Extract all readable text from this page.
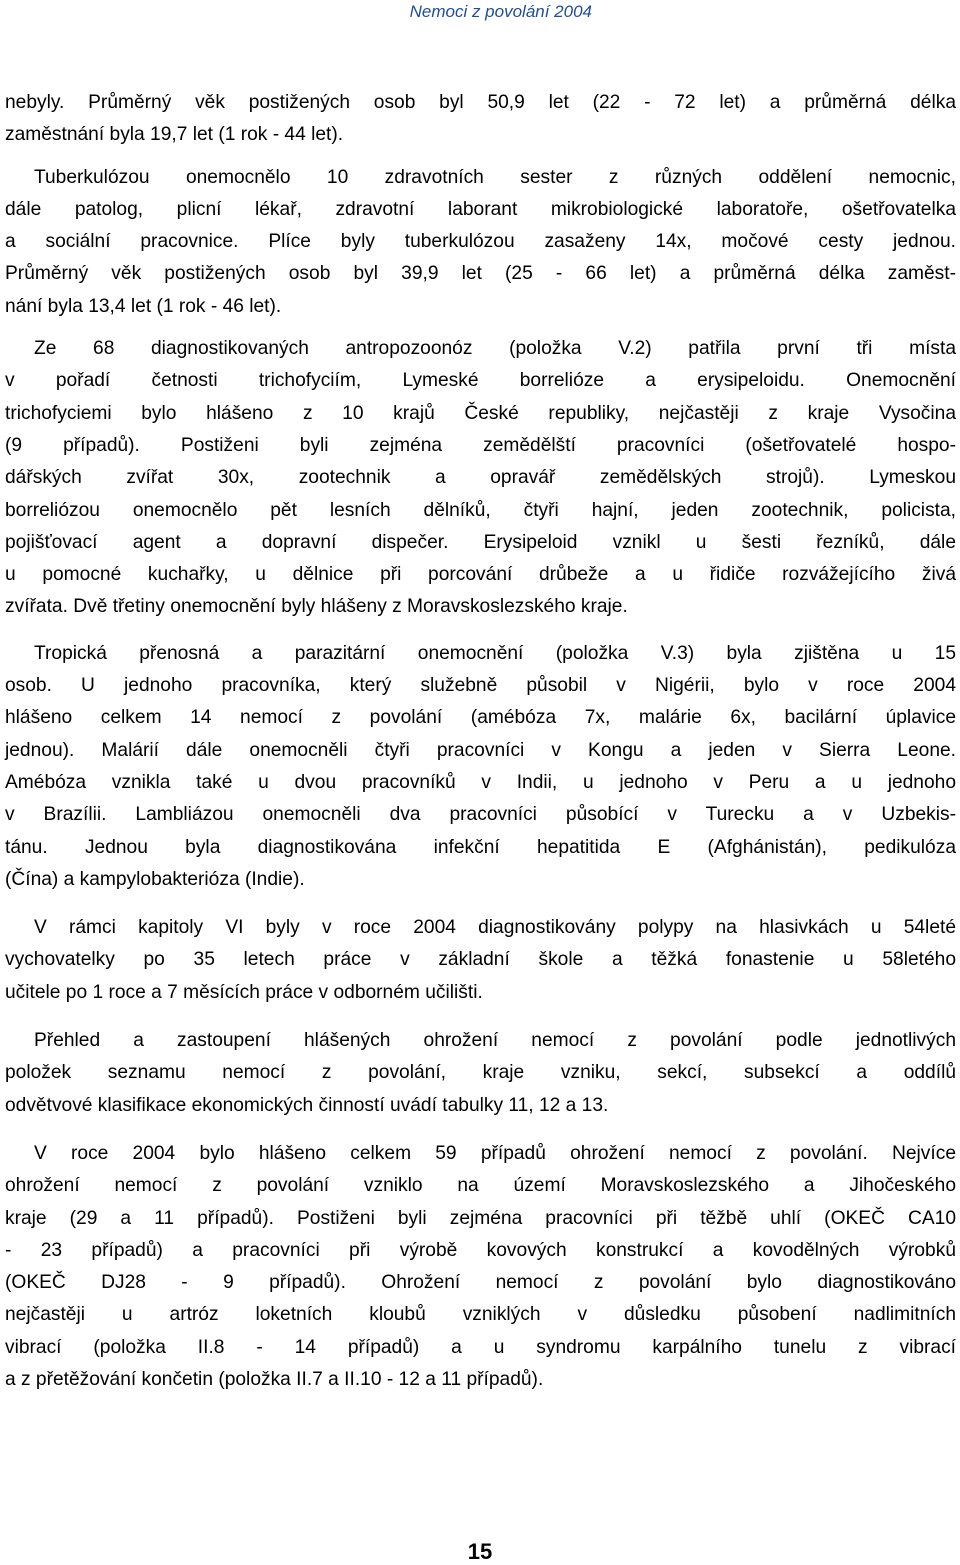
Nemoci z povolání 2004

nebyly. Průměrný věk postižených osob byl 50,9 let (22 - 72 let) a průměrná délka
zaměstnání byla 19,7 let (1 rok - 44 let).

Tuberkulózou onemocnělo 10 zdravotních sester z různých oddělení nemocnic,
dále patolog, plicní lékař, zdravotní laborant mikrobiologické laboratoře, ošetřovatelka
a sociální pracovnice. Plíce byly tuberkulózou zasaženy 14x, močové cesty jednou.
Průměrný věk postižených osob byl 39,9 let (25 - 66 let) a průměrná délka zaměst-
nání byla 13,4 let (1 rok - 46 let).

Ze 68 diagnostikovaných antropozoonóz (položka V.2) patřila první tři místa
v pořadí četnosti trichofyciím, Lymeské borrelióze a erysipeloidu. Onemocnění
trichofyciemi bylo hlášeno z 10 krajů České republiky, nejčastěji z kraje Vysočina
(9 případů). Postiženi byli zejména zemědělští pracovníci (ošetřovatelé hospo-
dářských zvířat 30x, zootechnik a opravář zemědělských strojů). Lymeskou
borreliózou onemocnělo pět lesních dělníků, čtyři hajní, jeden zootechnik, policista,
pojišťovací agent a dopravní dispečer. Erysipeloid vznikl u šesti řezníků, dále
u pomocné kuchařky, u dělnice při porcování drůbeže a u řidiče rozvážejícího živá
zvířata. Dvě třetiny onemocnění byly hlášeny z Moravskoslezského kraje.

Tropická přenosná a parazitární onemocnění (položka V.3) byla zjištěna u 15
osob. U jednoho pracovníka, který služebně působil v Nigérii, bylo v roce 2004
hlášeno celkem 14 nemocí z povolání (amébóza 7x, malárie 6x, bacilární úplavice
jednou). Malárií dále onemocněli čtyři pracovníci v Kongu a jeden v Sierra Leone.
Amébóza vznikla také u dvou pracovníků v Indii, u jednoho v Peru a u jednoho
v Brazílii. Lambliázou onemocněli dva pracovníci působící v Turecku a v Uzbekis-
tánu. Jednou byla diagnostikována infekční hepatitida E (Afghánistán), pedikulóza
(Čína) a kampylobakterióza (Indie).

V rámci kapitoly VI byly v roce 2004 diagnostikovány polypy na hlasivkách u 54leté
vychovatelky po 35 letech práce v základní škole a těžká fonastenie u 58letého
učitele po 1 roce a 7 měsících práce v odborném učilišti.

Přehled a zastoupení hlášených ohrožení nemocí z povolání podle jednotlivých
položek seznamu nemocí z povolání, kraje vzniku, sekcí, subsekcí a oddílů
odvětvové klasifikace ekonomických činností uvádí tabulky 11, 12 a 13.

V roce 2004 bylo hlášeno celkem 59 případů ohrožení nemocí z povolání. Nejvíce
ohrožení nemocí z povolání vzniklo na území Moravskoslezského a Jihočeského
kraje (29 a 11 případů). Postiženi byli zejména pracovníci při těžbě uhlí (OKEČ CA10
- 23 případů) a pracovníci při výrobě kovových konstrukcí a kovodělných výrobků
(OKEČ DJ28 - 9 případů). Ohrožení nemocí z povolání bylo diagnostikováno
nejčastěji u artróz loketních kloubů vzniklých v důsledku působení nadlimitních
vibrací (položka II.8 - 14 případů) a u syndromu karpálního tunelu z vibrací
a z přetěžování končetin (položka II.7 a II.10 - 12 a 11 případů).

15
